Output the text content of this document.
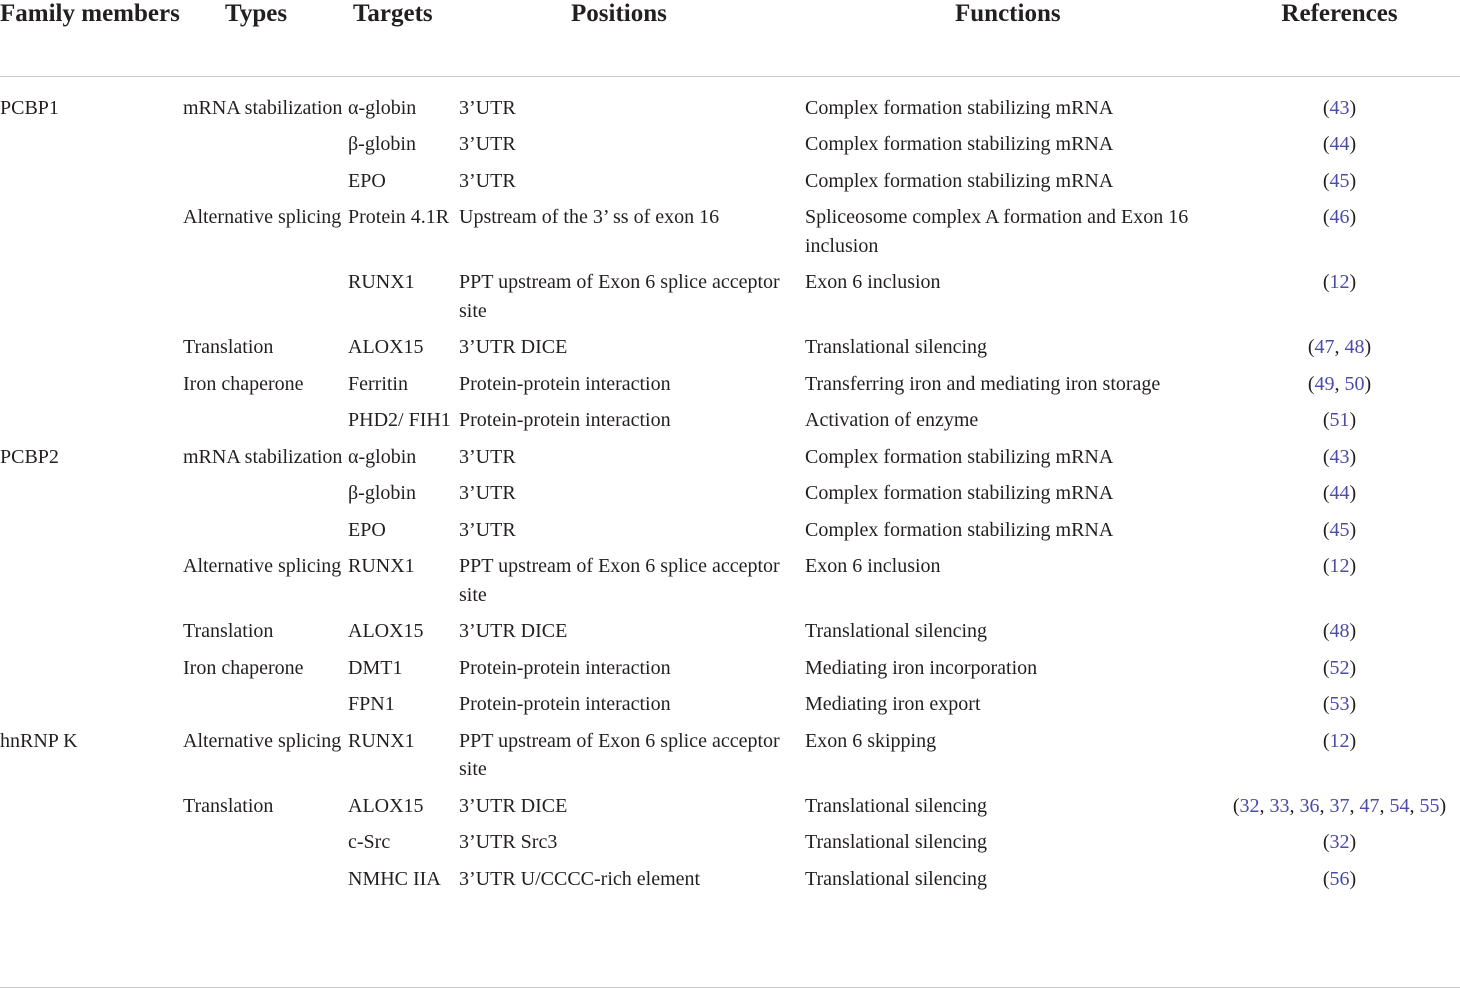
Family members	Types	Targets	Positions	Functions	References
PCBP1	mRNA stabilization	α-globin	3’UTR	Complex formation stabilizing mRNA	(43)
		β-globin	3’UTR	Complex formation stabilizing mRNA	(44)
		EPO	3’UTR	Complex formation stabilizing mRNA	(45)
	Alternative splicing	Protein 4.1R	Upstream of the 3’ ss of exon 16	Spliceosome complex A formation and Exon 16 inclusion	(46)
		RUNX1	PPT upstream of Exon 6 splice acceptor site	Exon 6 inclusion	(12)
	Translation	ALOX15	3’UTR DICE	Translational silencing	(47, 48)
	Iron chaperone	Ferritin	Protein-protein interaction	Transferring iron and mediating iron storage	(49, 50)
		PHD2/ FIH1	Protein-protein interaction	Activation of enzyme	(51)
PCBP2	mRNA stabilization	α-globin	3’UTR	Complex formation stabilizing mRNA	(43)
		β-globin	3’UTR	Complex formation stabilizing mRNA	(44)
		EPO	3’UTR	Complex formation stabilizing mRNA	(45)
	Alternative splicing	RUNX1	PPT upstream of Exon 6 splice acceptor site	Exon 6 inclusion	(12)
	Translation	ALOX15	3’UTR DICE	Translational silencing	(48)
	Iron chaperone	DMT1	Protein-protein interaction	Mediating iron incorporation	(52)
		FPN1	Protein-protein interaction	Mediating iron export	(53)
hnRNP K	Alternative splicing	RUNX1	PPT upstream of Exon 6 splice acceptor site	Exon 6 skipping	(12)
	Translation	ALOX15	3’UTR DICE	Translational silencing	(32, 33, 36, 37, 47, 54, 55)
		c-Src	3’UTR Src3	Translational silencing	(32)
		NMHC IIA	3’UTR U/CCCC-rich element	Translational silencing	(56)
